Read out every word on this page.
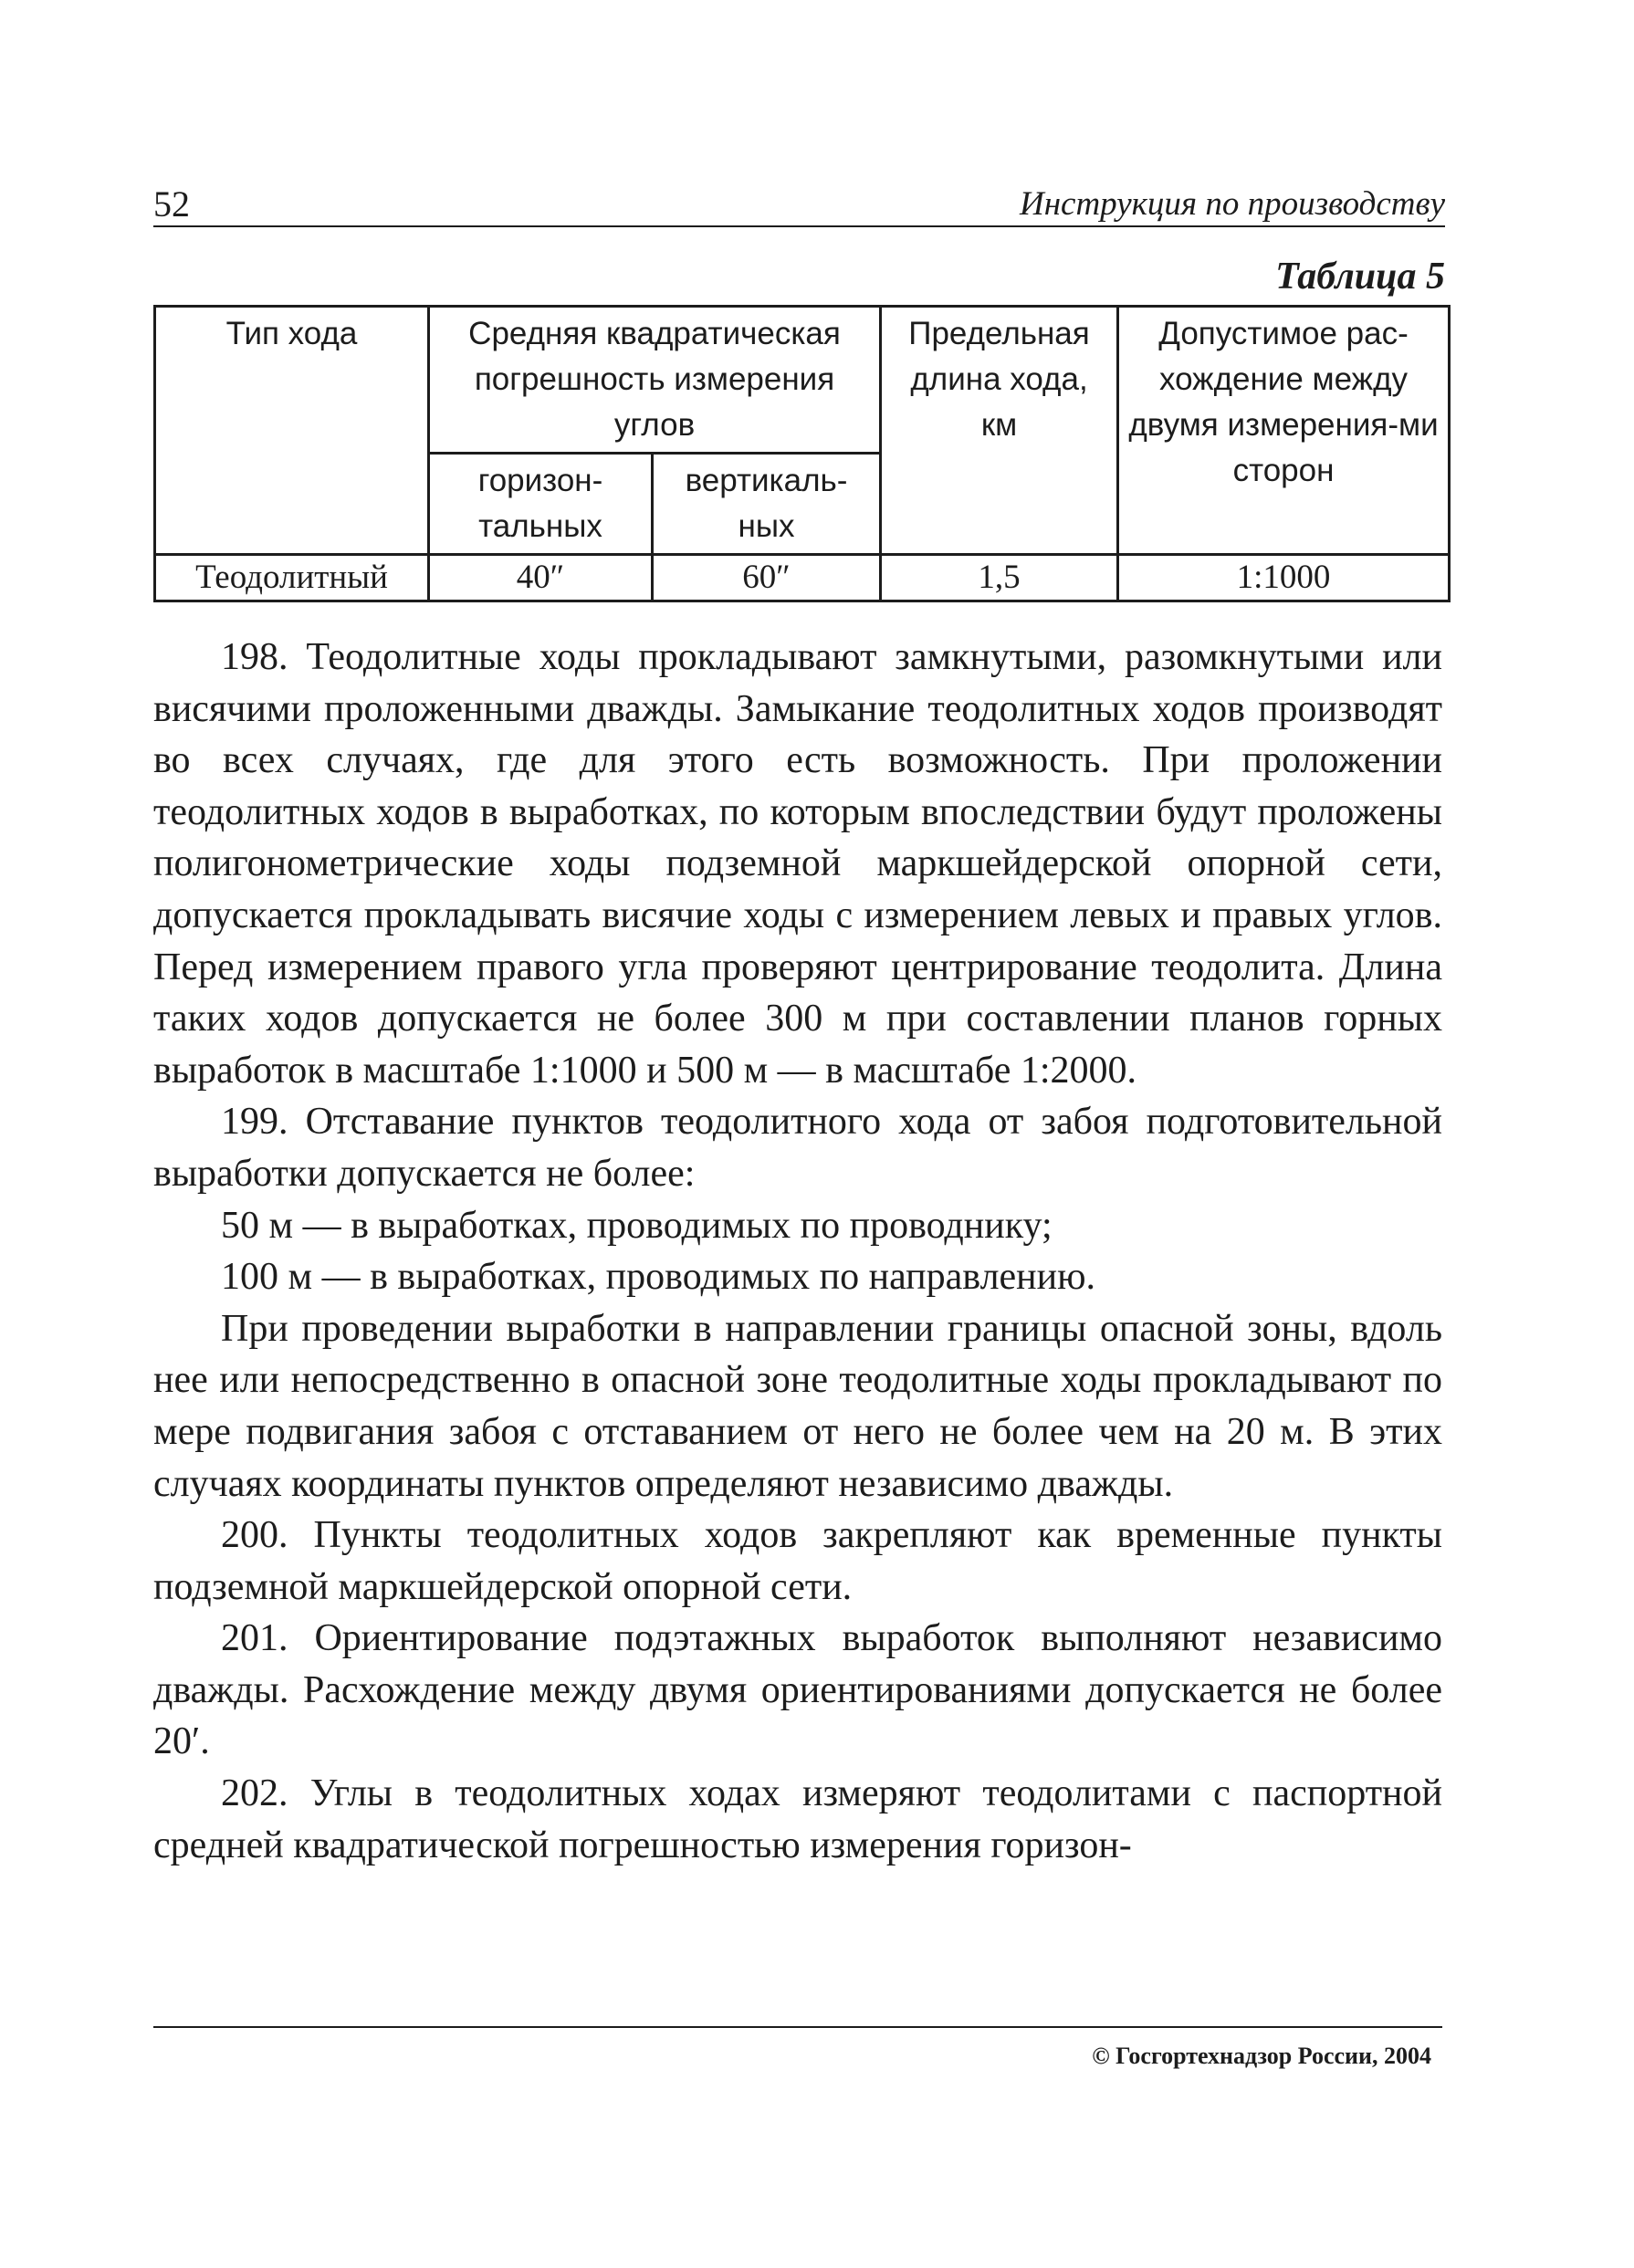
52	Инструкция по производству
Таблица 5
Тип хода	Средняя квадратическая погрешность измерения углов		Предельная длина хода, км	Допустимое рас-хождение между двумя измерения-ми сторон
	горизон-тальных	вертикаль-ных		
Теодолитный	40″	60″	1,5	1:1000

198. Теодолитные ходы прокладывают замкнутыми, разомкнутыми или висячими проложенными дважды. Замыкание теодолитных ходов производят во всех случаях, где для этого есть возможность. При проложении теодолитных ходов в выработках, по которым впоследствии будут проложены полигонометрические ходы подземной маркшейдерской опорной сети, допускается прокладывать висячие ходы с измерением левых и правых углов. Перед измерением правого угла проверяют центрирование теодолита. Длина таких ходов допускается не более 300 м при составлении планов горных выработок в масштабе 1:1000 и 500 м — в масштабе 1:2000.

199. Отставание пунктов теодолитного хода от забоя подготовительной выработки допускается не более:

50 м — в выработках, проводимых по проводнику;

100 м — в выработках, проводимых по направлению.

При проведении выработки в направлении границы опасной зоны, вдоль нее или непосредственно в опасной зоне теодолитные ходы прокладывают по мере подвигания забоя с отставанием от него не более чем на 20 м. В этих случаях координаты пунктов определяют независимо дважды.

200. Пункты теодолитных ходов закрепляют как временные пункты подземной маркшейдерской опорной сети.

201. Ориентирование подэтажных выработок выполняют независимо дважды. Расхождение между двумя ориентированиями допускается не более 20′.

202. Углы в теодолитных ходах измеряют теодолитами с паспортной средней квадратической погрешностью измерения горизон-

© Госгортехнадзор России, 2004
